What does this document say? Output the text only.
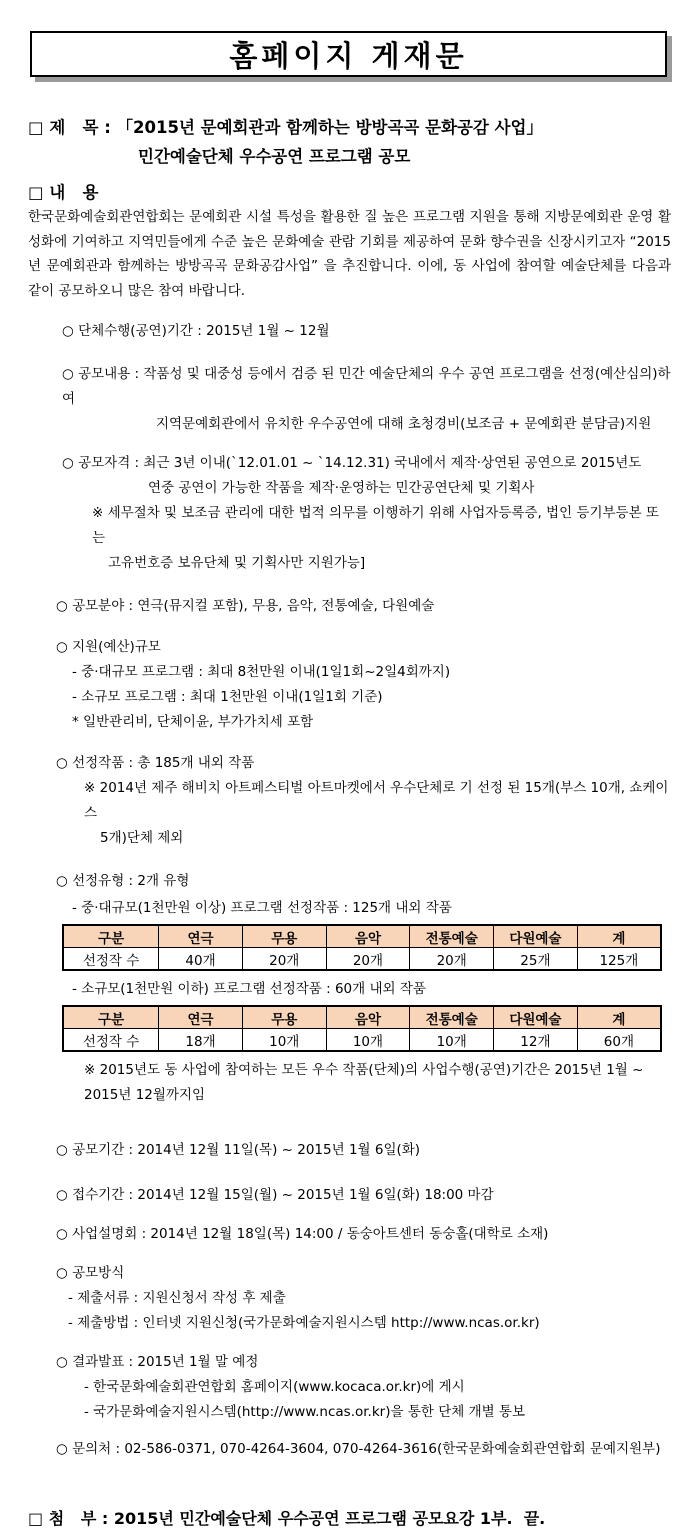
홈페이지 게재문
□ 제   목 : 「2015년 문예회관과 함께하는 방방곡곡 문화공감 사업」
민간예술단체 우수공연 프로그램 공모
□ 내   용
한국문화예술회관연합회는 문예회관 시설 특성을 활용한 질 높은 프로그램 지원을 통해 지방문예회관 운영 활성화에 기여하고 지역민들에게 수준 높은 문화예술 관람 기회를 제공하여 문화 향수권을 신장시키고자 “2015년 문예회관과 함께하는 방방곡곡 문화공감사업” 을 추진합니다. 이에, 동 사업에 참여할 예술단체를 다음과 같이 공모하오니 많은 참여 바랍니다.
○ 단체수행(공연)기간 : 2015년 1월 ~ 12월
○ 공모내용 : 작품성 및 대중성 등에서 검증 된 민간 예술단체의 우수 공연 프로그램을 선정(예산심의)하여
지역문예회관에서 유치한 우수공연에 대해 초청경비(보조금 + 문예회관 분담금)지원
○ 공모자격 : 최근 3년 이내(`12.01.01 ~ `14.12.31) 국내에서 제작·상연된 공연으로 2015년도
연중 공연이 가능한 작품을 제작·운영하는 민간공연단체 및 기획사
※ 세무절차 및 보조금 관리에 대한 법적 의무를 이행하기 위해 사업자등록증, 법인 등기부등본 또는
고유번호증 보유단체 및 기획사만 지원가능]
○ 공모분야 : 연극(뮤지컬 포함), 무용, 음악, 전통예술, 다원예술
○ 지원(예산)규모
- 중·대규모 프로그램 : 최대 8천만원 이내(1일1회~2일4회까지)
- 소규모 프로그램 : 최대 1천만원 이내(1일1회 기준)
* 일반관리비, 단체이윤, 부가가치세 포함
○ 선정작품 : 총 185개 내외 작품
※ 2014년 제주 해비치 아트페스티벌 아트마켓에서 우수단체로 기 선정 된 15개(부스 10개, 쇼케이스
5개)단체 제외
○ 선정유형 : 2개 유형
- 중·대규모(1천만원 이상) 프로그램 선정작품 : 125개 내외 작품
구분	연극	무용	음악	전통예술	다원예술	계
선정작 수	40개	20개	20개	20개	25개	125개
- 소규모(1천만원 이하) 프로그램 선정작품 : 60개 내외 작품
구분	연극	무용	음악	전통예술	다원예술	계
선정작 수	18개	10개	10개	10개	12개	60개
※ 2015년도 동 사업에 참여하는 모든 우수 작품(단체)의 사업수행(공연)기간은 2015년 1월 ~ 2015년 12월까지임
○ 공모기간 : 2014년 12월 11일(목) ~ 2015년 1월 6일(화)
○ 접수기간 : 2014년 12월 15일(월) ~ 2015년 1월 6일(화) 18:00 마감
○ 사업설명회 : 2014년 12월 18일(목) 14:00 / 동숭아트센터 동숭홀(대학로 소재)
○ 공모방식
- 제출서류 : 지원신청서 작성 후 제출
- 제출방법 : 인터넷 지원신청(국가문화예술지원시스템 http://www.ncas.or.kr)
○ 결과발표 : 2015년 1월 말 예정
- 한국문화예술회관연합회 홈페이지(www.kocaca.or.kr)에 게시
- 국가문화예술지원시스템(http://www.ncas.or.kr)을 통한 단체 개별 통보
○ 문의처 : 02-586-0371, 070-4264-3604, 070-4264-3616(한국문화예술회관연합회 문예지원부)
□ 첨   부 : 2015년 민간예술단체 우수공연 프로그램 공모요강 1부.  끝.
